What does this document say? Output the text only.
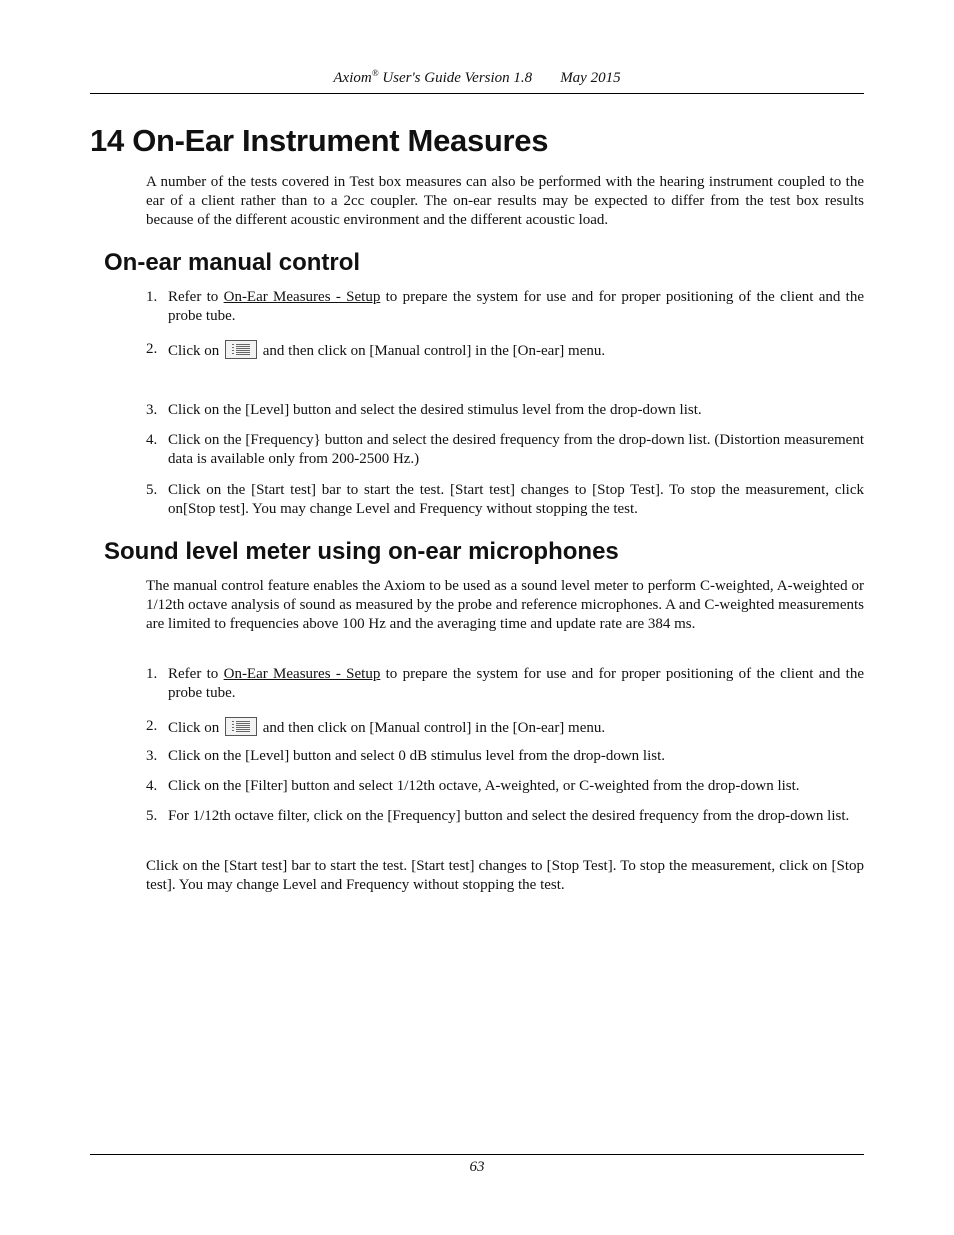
Axiom® User's Guide Version 1.8 May 2015
14 On-Ear Instrument Measures

A number of the tests covered in Test box measures can also be performed with the hearing instrument coupled to the ear of a client rather than to a 2cc coupler. The on-ear results may be expected to differ from the test box results because of the different acoustic environment and the different acoustic load.

On-ear manual control
1. Refer to On-Ear Measures - Setup to prepare the system for use and for proper positioning of the client and the probe tube.
2. Click on
and then click on [Manual control] in the [On-ear] menu.
3. Click on the [Level] button and select the desired stimulus level from the drop-down list.
4. Click on the [Frequency} button and select the desired frequency from the drop-down list. (Distortion measurement data is available only from 200-2500 Hz.)
5. Click on the [Start test] bar to start the test. [Start test] changes to [Stop Test]. To stop the measurement, click on[Stop test]. You may change Level and Frequency without stopping the test.
Sound level meter using on-ear microphones

The manual control feature enables the Axiom to be used as a sound level meter to perform C-weighted, A-weighted or 1/12th octave analysis of sound as measured by the probe and reference microphones. A and C-weighted measurements are limited to frequencies above 100 Hz and the averaging time and update rate are 384 ms.

1. Refer to On-Ear Measures - Setup to prepare the system for use and for proper positioning of the client and the probe tube.
2. Click on
and then click on [Manual control] in the [On-ear] menu.
3. Click on the [Level] button and select 0 dB stimulus level from the drop-down list.
4. Click on the [Filter] button and select 1/12th octave, A-weighted, or C-weighted from the drop-down list.
5. For 1/12th octave filter, click on the [Frequency] button and select the desired frequency from the drop-down list.

Click on the [Start test] bar to start the test. [Start test] changes to [Stop Test]. To stop the measurement, click on [Stop test]. You may change Level and Frequency without stopping the test.

63
